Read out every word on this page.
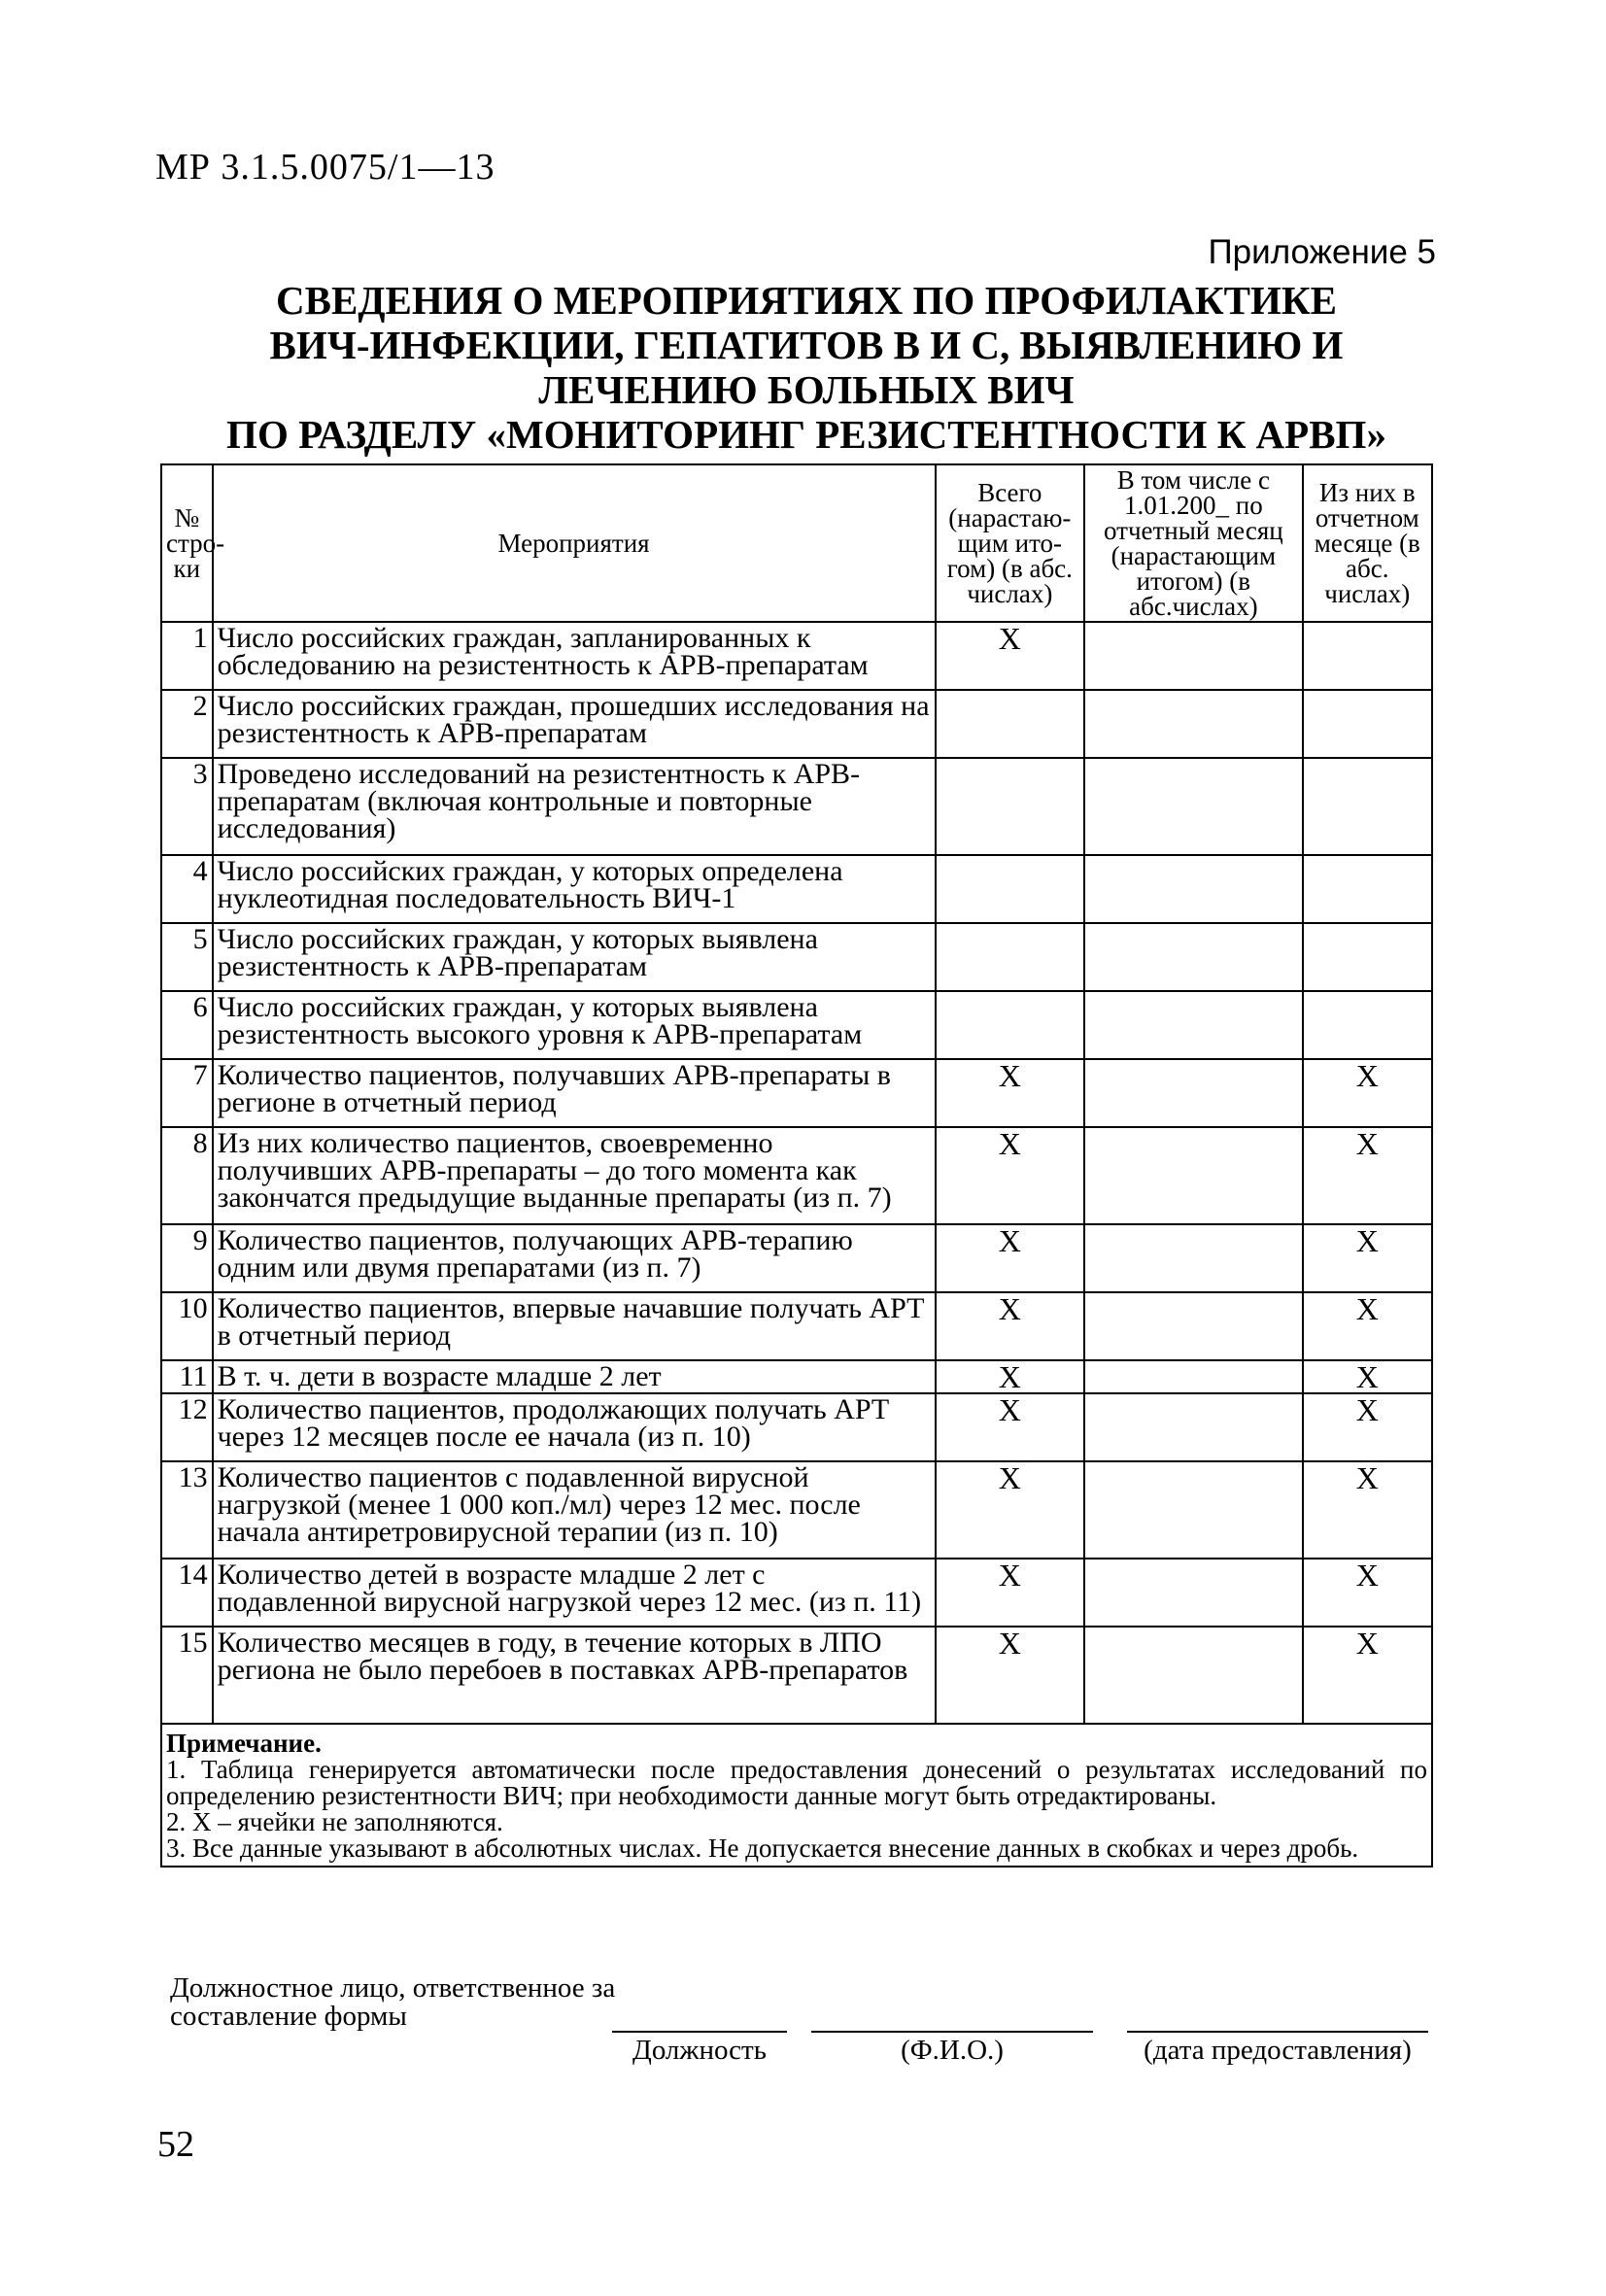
МР 3.1.5.0075/1—13
Приложение 5
СВЕДЕНИЯ О МЕРОПРИЯТИЯХ ПО ПРОФИЛАКТИКЕ
ВИЧ-ИНФЕКЦИИ, ГЕПАТИТОВ В И С, ВЫЯВЛЕНИЮ И
ЛЕЧЕНИЮ БОЛЬНЫХ ВИЧ
ПО РАЗДЕЛУ «МОНИТОРИНГ РЕЗИСТЕНТНОСТИ К АРВП»
№ стро-ки	Мероприятия	Всего (нарастаю-щим ито-гом) (в абс. числах)	В том числе с 1.01.200_ по отчетный месяц (нарастающим итогом) (в абс.числах)	Из них в отчетном месяце (в абс. числах)
1	Число российских граждан, запланированных к обследованию на резистентность к АРВ-препаратам	X		
2	Число российских граждан, прошедших исследования на резистентность к АРВ-препаратам			
3	Проведено исследований на резистентность к АРВ-препаратам (включая контрольные и повторные исследования)			
4	Число российских граждан, у которых определена нуклеотидная последовательность ВИЧ-1			
5	Число российских граждан, у которых выявлена резистентность к АРВ-препаратам			
6	Число российских граждан, у которых выявлена резистентность высокого уровня к АРВ-препаратам			
7	Количество пациентов, получавших АРВ-препараты в регионе в отчетный период	X		X
8	Из них количество пациентов, своевременно получивших АРВ-препараты – до того момента как закончатся предыдущие выданные препараты (из п. 7)	X		X
9	Количество пациентов, получающих АРВ-терапию одним или двумя препаратами (из п. 7)	X		X
10	Количество пациентов, впервые начавшие получать АРТ в отчетный период	X		X
11	В т. ч. дети в возрасте младше 2 лет	X		X
12	Количество пациентов, продолжающих получать АРТ через 12 месяцев после ее начала (из п. 10)	X		X
13	Количество пациентов с подавленной вирусной нагрузкой (менее 1 000 коп./мл) через 12 мес. после начала антиретровирусной терапии (из п. 10)	X		X
14	Количество детей в возрасте младше 2 лет с подавленной вирусной нагрузкой через 12 мес. (из п. 11)	X		X
15	Количество месяцев в году, в течение которых в ЛПО региона не было перебоев в поставках АРВ-препаратов	X		X

Примечание.
1. Таблица генерируется автоматически после предоставления донесений о результатах исследований по определению резистентности ВИЧ; при необходимости данные могут быть отредактированы.
2. Х – ячейки не заполняются.
3. Все данные указывают в абсолютных числах. Не допускается внесение данных в скобках и через дробь.				
Должностное лицо, ответственное за составление формы
Должность	(Ф.И.О.)	(дата предоставления)
52
